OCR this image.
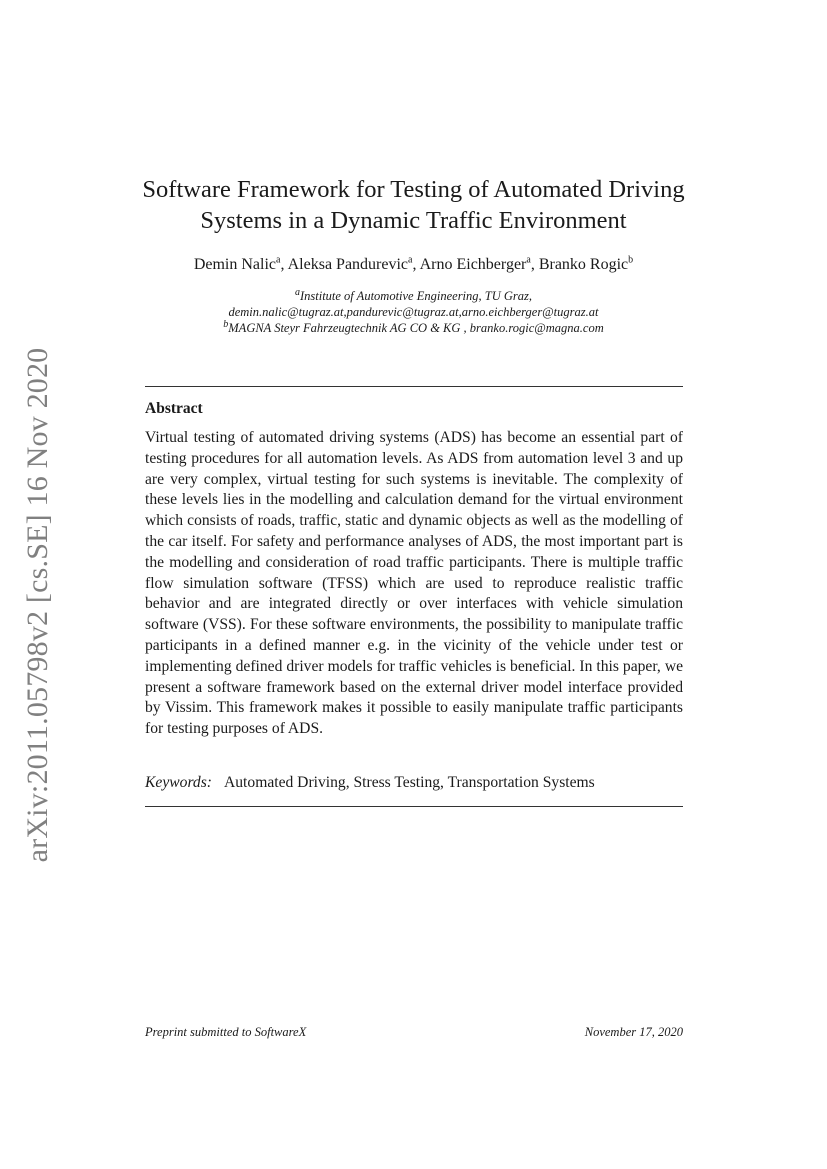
arXiv:2011.05798v2 [cs.SE] 16 Nov 2020
Software Framework for Testing of Automated Driving
Systems in a Dynamic Traffic Environment
Demin Nalic$^a$, Aleksa Pandurevic$^a$, Arno Eichberger$^a$, Branko Rogic$^b$
$^a$Institute of Automotive Engineering, TU Graz,
demin.nalic@tugraz.at,pandurevic@tugraz.at,arno.eichberger@tugraz.at
$^b$MAGNA Steyr Fahrzeugtechnik AG CO & KG , branko.rogic@magna.com
Abstract
Virtual testing of automated driving systems (ADS) has become an essential part of testing procedures for all automation levels. As ADS from automation level 3 and up are very complex, virtual testing for such systems is inevitable. The complexity of these levels lies in the modelling and calculation demand for the virtual environment which consists of roads, traffic, static and dynamic objects as well as the modelling of the car itself. For safety and performance analyses of ADS, the most important part is the modelling and consideration of road traffic participants. There is multiple traffic flow simulation software (TFSS) which are used to reproduce realistic traffic behavior and are integrated directly or over interfaces with vehicle simulation software (VSS). For these software environments, the possibility to manipulate traffic participants in a defined manner e.g. in the vicinity of the vehicle under test or implementing defined driver models for traffic vehicles is beneficial. In this paper, we present a software framework based on the external driver model interface provided by Vissim. This framework makes it possible to easily manipulate traffic participants for testing purposes of ADS.
Keywords: Automated Driving, Stress Testing, Transportation Systems
Preprint submitted to SoftwareX	November 17, 2020
